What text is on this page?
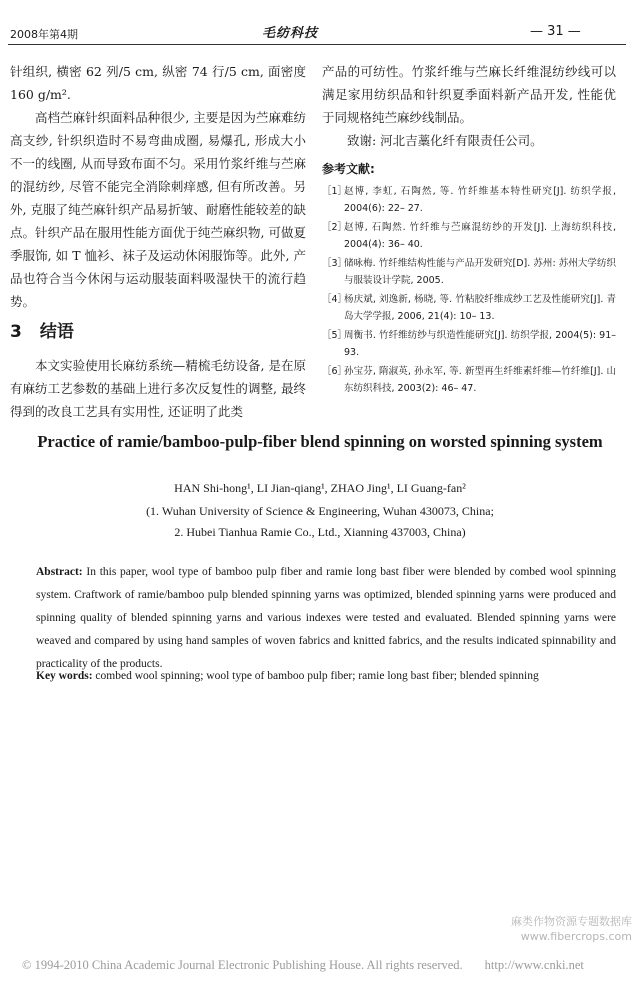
2008年第4期	毛纺科技	— 31 —

针组织, 横密 62 列/5 cm, 纵密 74 行/5 cm, 面密度 160 g/m².

高档苎麻针织面料品种很少, 主要是因为苎麻难纺高支纱, 针织织造时不易弯曲成圈, 易爆孔, 形成大小不一的线圈, 从而导致布面不匀。采用竹浆纤维与苎麻的混纺纱, 尽管不能完全消除刺痒感, 但有所改善。另外, 克服了纯苎麻针织产品易折皱、耐磨性能较差的缺点。针织产品在服用性能方面优于纯苎麻织物, 可做夏季服饰, 如 T 恤衫、袜子及运动休闲服饰等。此外, 产品也符合当今休闲与运动服装面料吸湿快干的流行趋势。

3 结语

本文实验使用长麻纺系统—精梳毛纺设备, 是在原有麻纺工艺参数的基础上进行多次反复性的调整, 最终得到的改良工艺具有实用性, 还证明了此类

产品的可纺性。竹浆纤维与苎麻长纤维混纺纱线可以满足家用纺织品和针织夏季面料新产品开发, 性能优于同规格纯苎麻纱线制品。

致谢: 河北吉藁化纤有限责任公司。

参考文献:
［1］
赵博, 李虹, 石陶然, 等. 竹纤维基本特性研究[J]. 纺织学报, 2004(6): 22– 27.
［2］
赵博, 石陶然. 竹纤维与苎麻混纺纱的开发[J]. 上海纺织科技, 2004(4): 36– 40.
［3］
储咏梅. 竹纤维结构性能与产品开发研究[D]. 苏州: 苏州大学纺织与服装设计学院, 2005.
［4］
杨庆斌, 刘逸新, 杨晓, 等. 竹粘胶纤维成纱工艺及性能研究[J]. 青岛大学学报, 2006, 21(4): 10– 13.
［5］
周衡书. 竹纤维纺纱与织造性能研究[J]. 纺织学报, 2004(5): 91– 93.
［6］
孙宝芬, 隋淑英, 孙永军, 等. 新型再生纤维素纤维—竹纤维[J]. 山东纺织科技, 2003(2): 46– 47.
Practice of ramie/bamboo-pulp-fiber blend spinning on worsted spinning system
HAN Shi-hong¹, LI Jian-qiang¹, ZHAO Jing¹, LI Guang-fan²
(1. Wuhan University of Science & Engineering, Wuhan 430073, China;
2. Hubei Tianhua Ramie Co., Ltd., Xianning 437003, China)
Abstract: In this paper, wool type of bamboo pulp fiber and ramie long bast fiber were blended by combed wool spinning system. Craftwork of ramie/bamboo pulp blended spinning yarns was optimized, blended spinning yarns were produced and spinning quality of blended spinning yarns and various indexes were tested and evaluated. Blended spinning yarns were weaved and compared by using hand samples of woven fabrics and knitted fabrics, and the results indicated spinnability and practicality of the products.
Key words: combed wool spinning; wool type of bamboo pulp fiber; ramie long bast fiber; blended spinning
麻类作物资源专题数据库
www.fibercrops.com
© 1994-2010 China Academic Journal Electronic Publishing House. All rights reserved. http://www.cnki.net
